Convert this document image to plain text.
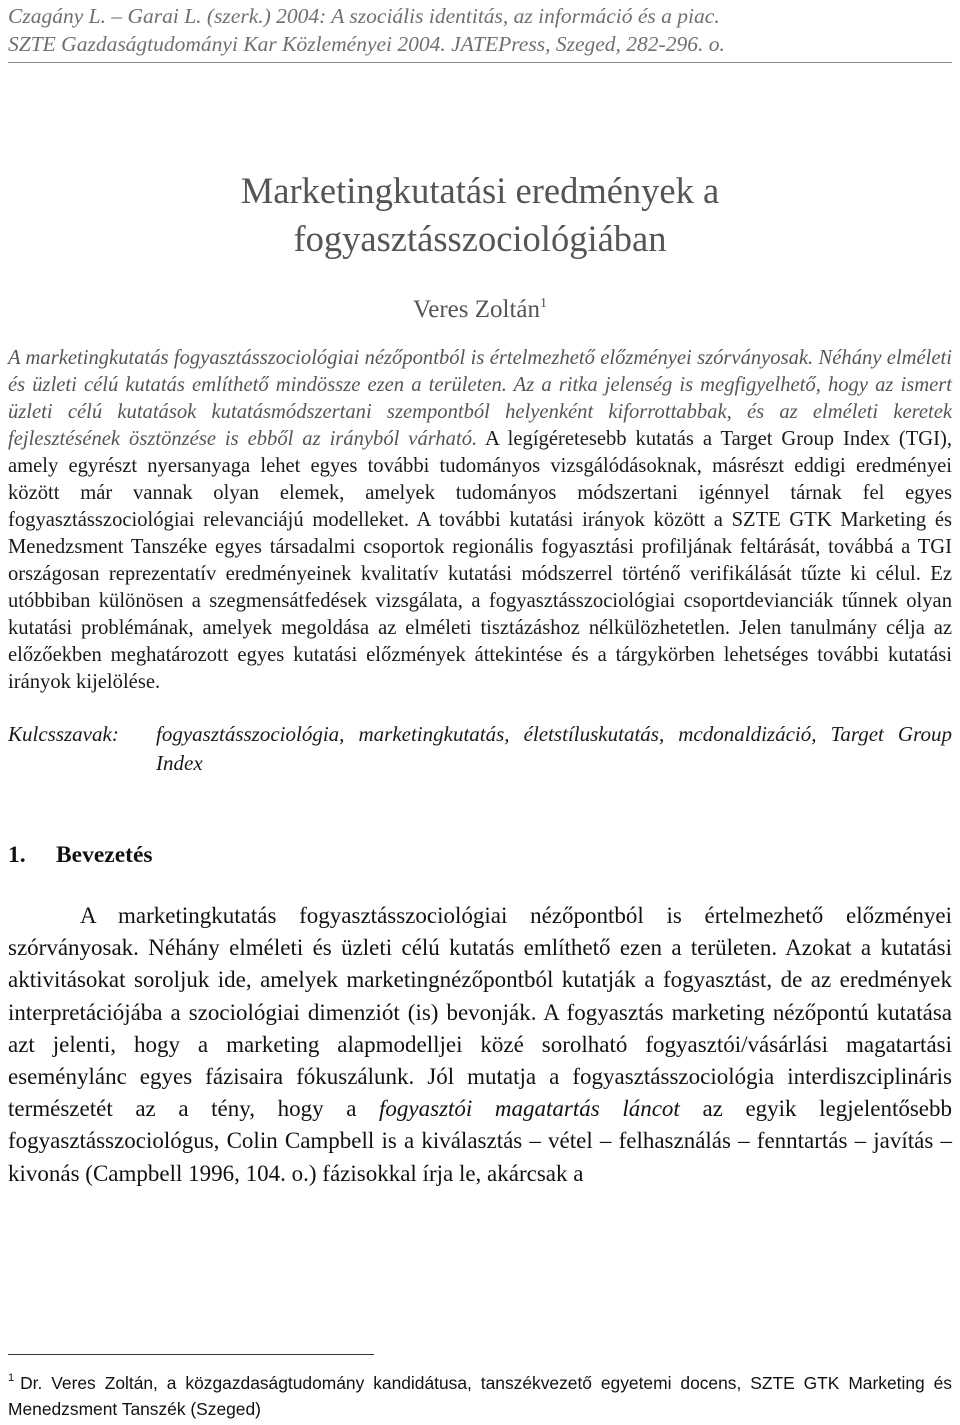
Czagány L. – Garai L. (szerk.) 2004: A szociális identitás, az információ és a piac.
SZTE Gazdaságtudományi Kar Közleményei 2004. JATEPress, Szeged, 282-296. o.
Marketingkutatási eredmények a
fogyasztásszociológiában
Veres Zoltán$^1$
A marketingkutatás fogyasztásszociológiai nézőpontból is értelmezhető előzményei szórványosak. Néhány elméleti és üzleti célú kutatás említhető mindössze ezen a területen. Az a ritka jelenség is megfigyelhető, hogy az ismert üzleti célú kutatások kutatásmódszertani szempontból helyenként kiforrottabbak, és az elméleti keretek fejlesztésének ösztönzése is ebből az irányból várható. A legígéretesebb kutatás a Target Group Index (TGI), amely egyrészt nyersanyaga lehet egyes további tudományos vizsgálódásoknak, másrészt eddigi eredményei között már vannak olyan elemek, amelyek tudományos módszertani igénnyel tárnak fel egyes fogyasztásszociológiai relevanciájú modelleket. A további kutatási irányok között a SZTE GTK Marketing és Menedzsment Tanszéke egyes társadalmi csoportok regionális fogyasztási profiljának feltárását, továbbá a TGI országosan reprezentatív eredményeinek kvalitatív kutatási módszerrel történő verifikálását tűzte ki célul. Ez utóbbiban különösen a szegmensátfedések vizsgálata, a fogyasztásszociológiai csoportdevianciák tűnnek olyan kutatási problémának, amelyek megoldása az elméleti tisztázáshoz nélkülözhetetlen. Jelen tanulmány célja az előzőekben meghatározott egyes kutatási előzmények áttekintése és a tárgykörben lehetséges további kutatási irányok kijelölése.
Kulcsszavak:	fogyasztásszociológia, marketingkutatás, életstíluskutatás, mcdonaldizáció, Target Group Index
1.	Bevezetés
A marketingkutatás fogyasztásszociológiai nézőpontból is értelmezhető előzményei szórványosak. Néhány elméleti és üzleti célú kutatás említhető ezen a területen. Azokat a kutatási aktivitásokat soroljuk ide, amelyek marketingnézőpontból kutatják a fogyasztást, de az eredmények interpretációjába a szociológiai dimenziót (is) bevonják. A fogyasztás marketing nézőpontú kutatása azt jelenti, hogy a marketing alapmodelljei közé sorolható fogyasztói/vásárlási magatartási eseménylánc egyes fázisaira fókuszálunk. Jól mutatja a fogyasztásszociológia interdiszciplináris természetét az a tény, hogy a fogyasztói magatartás láncot az egyik legjelentősebb fogyasztásszociológus, Colin Campbell is a kiválasztás – vétel – felhasználás – fenntartás – javítás – kivonás (Campbell 1996, 104. o.) fázisokkal írja le, akárcsak a
$^1$ Dr. Veres Zoltán, a közgazdaságtudomány kandidátusa, tanszékvezető egyetemi docens, SZTE GTK Marketing és Menedzsment Tanszék (Szeged)
